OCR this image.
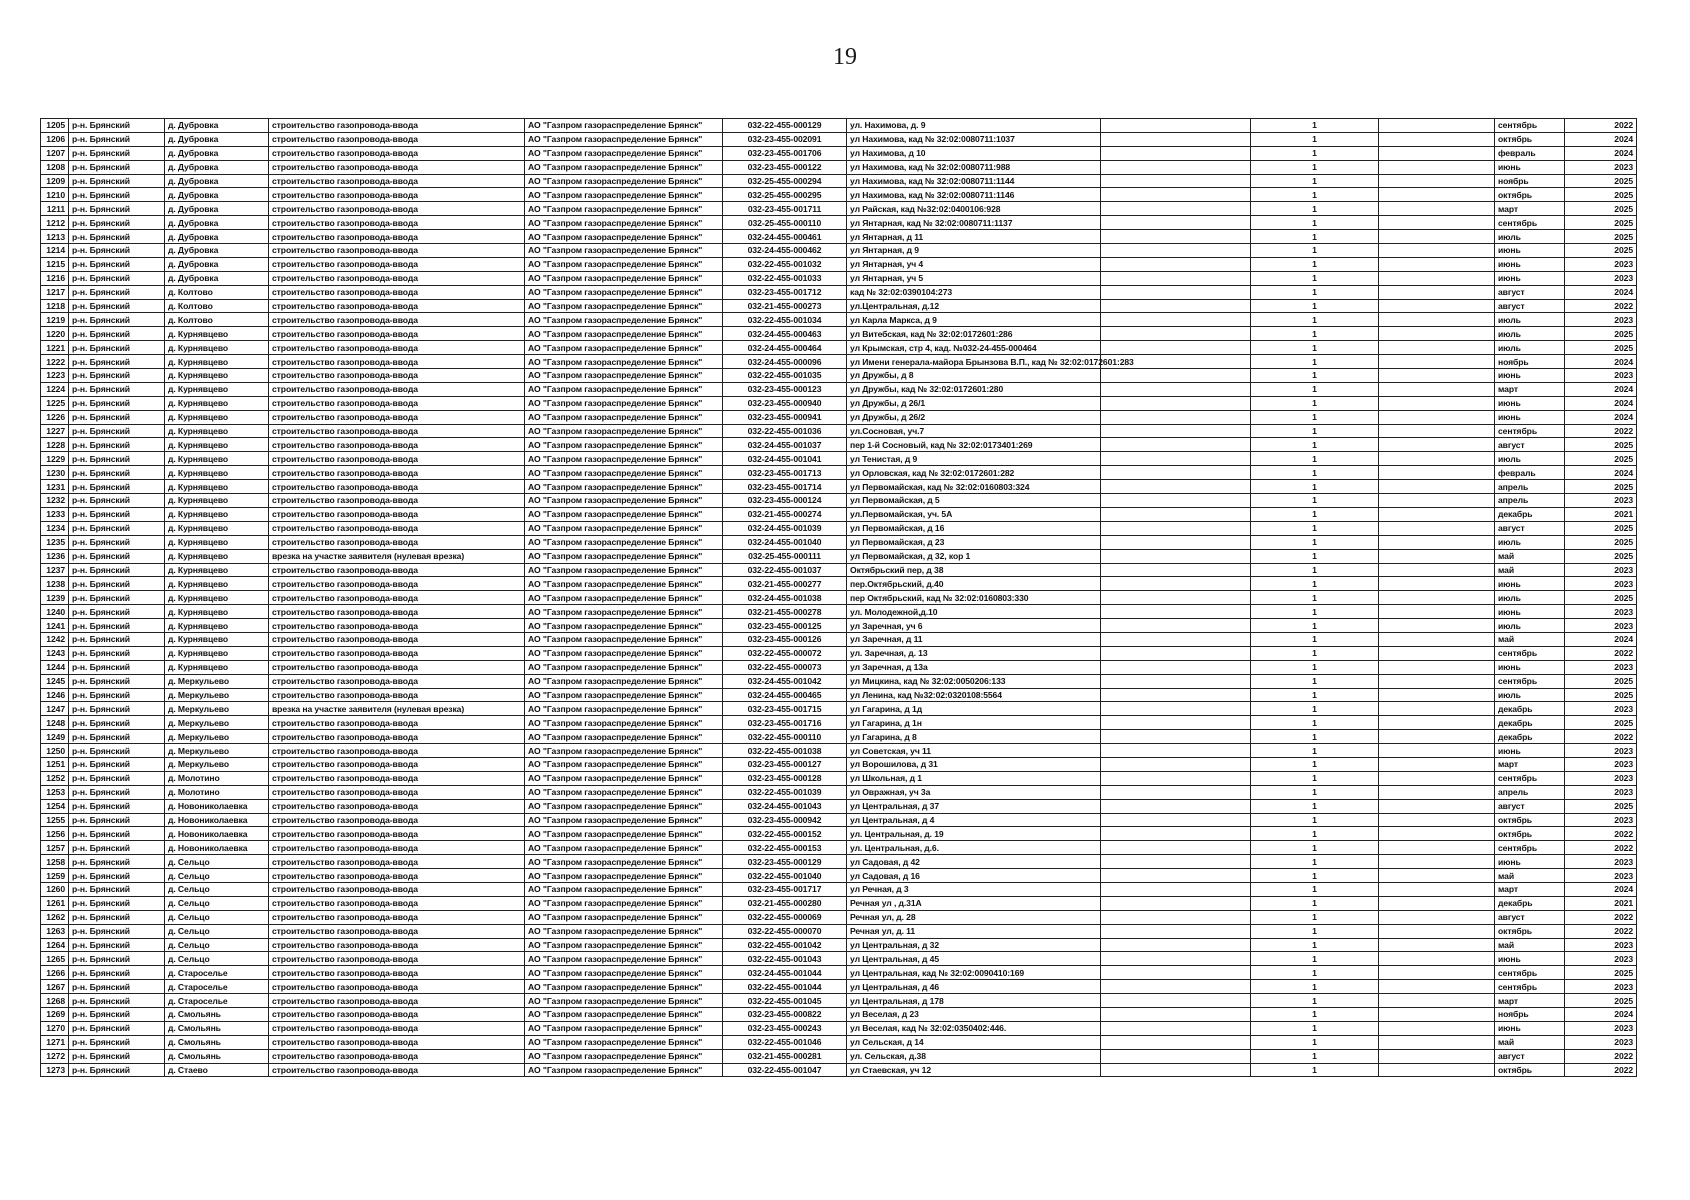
19
1205	р-н. Брянский	д. Дубровка	строительство газопровода-ввода	АО "Газпром газораспределение Брянск"	032-22-455-000129	ул. Нахимова, д. 9		1		сентябрь	2022
1206	р-н. Брянский	д. Дубровка	строительство газопровода-ввода	АО "Газпром газораспределение Брянск"	032-23-455-002091	ул Нахимова, кад № 32:02:0080711:1037		1		октябрь	2024
1207	р-н. Брянский	д. Дубровка	строительство газопровода-ввода	АО "Газпром газораспределение Брянск"	032-23-455-001706	ул Нахимова, д 10		1		февраль	2024
1208	р-н. Брянский	д. Дубровка	строительство газопровода-ввода	АО "Газпром газораспределение Брянск"	032-23-455-000122	ул Нахимова, кад № 32:02:0080711:988		1		июнь	2023
1209	р-н. Брянский	д. Дубровка	строительство газопровода-ввода	АО "Газпром газораспределение Брянск"	032-25-455-000294	ул Нахимова, кад № 32:02:0080711:1144		1		ноябрь	2025
1210	р-н. Брянский	д. Дубровка	строительство газопровода-ввода	АО "Газпром газораспределение Брянск"	032-25-455-000295	ул Нахимова, кад № 32:02:0080711:1146		1		октябрь	2025
1211	р-н. Брянский	д. Дубровка	строительство газопровода-ввода	АО "Газпром газораспределение Брянск"	032-23-455-001711	ул Райская, кад №32:02:0400106:928		1		март	2025
1212	р-н. Брянский	д. Дубровка	строительство газопровода-ввода	АО "Газпром газораспределение Брянск"	032-25-455-000110	ул Янтарная, кад № 32:02:0080711:1137		1		сентябрь	2025
1213	р-н. Брянский	д. Дубровка	строительство газопровода-ввода	АО "Газпром газораспределение Брянск"	032-24-455-000461	ул Янтарная, д 11		1		июль	2025
1214	р-н. Брянский	д. Дубровка	строительство газопровода-ввода	АО "Газпром газораспределение Брянск"	032-24-455-000462	ул Янтарная, д 9		1		июнь	2025
1215	р-н. Брянский	д. Дубровка	строительство газопровода-ввода	АО "Газпром газораспределение Брянск"	032-22-455-001032	ул Янтарная, уч 4		1		июнь	2023
1216	р-н. Брянский	д. Дубровка	строительство газопровода-ввода	АО "Газпром газораспределение Брянск"	032-22-455-001033	ул Янтарная, уч 5		1		июнь	2023
1217	р-н. Брянский	д. Колтово	строительство газопровода-ввода	АО "Газпром газораспределение Брянск"	032-23-455-001712	кад № 32:02:0390104:273		1		август	2024
1218	р-н. Брянский	д. Колтово	строительство газопровода-ввода	АО "Газпром газораспределение Брянск"	032-21-455-000273	ул.Центральная, д.12		1		август	2022
1219	р-н. Брянский	д. Колтово	строительство газопровода-ввода	АО "Газпром газораспределение Брянск"	032-22-455-001034	ул Карла Маркса, д 9		1		июль	2023
1220	р-н. Брянский	д. Курнявцево	строительство газопровода-ввода	АО "Газпром газораспределение Брянск"	032-24-455-000463	ул Витебская, кад № 32:02:0172601:286		1		июль	2025
1221	р-н. Брянский	д. Курнявцево	строительство газопровода-ввода	АО "Газпром газораспределение Брянск"	032-24-455-000464	ул Крымская, стр 4, кад. №032-24-455-000464		1		июль	2025
1222	р-н. Брянский	д. Курнявцево	строительство газопровода-ввода	АО "Газпром газораспределение Брянск"	032-24-455-000096	ул Имени генерала-майора Брынзова В.П., кад № 32:02:0172601:283		1		ноябрь	2024
1223	р-н. Брянский	д. Курнявцево	строительство газопровода-ввода	АО "Газпром газораспределение Брянск"	032-22-455-001035	ул Дружбы, д 8		1		июнь	2023
1224	р-н. Брянский	д. Курнявцево	строительство газопровода-ввода	АО "Газпром газораспределение Брянск"	032-23-455-000123	ул Дружбы, кад № 32:02:0172601:280		1		март	2024
1225	р-н. Брянский	д. Курнявцево	строительство газопровода-ввода	АО "Газпром газораспределение Брянск"	032-23-455-000940	ул Дружбы, д 26/1		1		июнь	2024
1226	р-н. Брянский	д. Курнявцево	строительство газопровода-ввода	АО "Газпром газораспределение Брянск"	032-23-455-000941	ул Дружбы, д 26/2		1		июнь	2024
1227	р-н. Брянский	д. Курнявцево	строительство газопровода-ввода	АО "Газпром газораспределение Брянск"	032-22-455-001036	ул.Сосновая, уч.7		1		сентябрь	2022
1228	р-н. Брянский	д. Курнявцево	строительство газопровода-ввода	АО "Газпром газораспределение Брянск"	032-24-455-001037	пер 1-й Сосновый, кад № 32:02:0173401:269		1		август	2025
1229	р-н. Брянский	д. Курнявцево	строительство газопровода-ввода	АО "Газпром газораспределение Брянск"	032-24-455-001041	ул Тенистая, д 9		1		июль	2025
1230	р-н. Брянский	д. Курнявцево	строительство газопровода-ввода	АО "Газпром газораспределение Брянск"	032-23-455-001713	ул Орловская, кад № 32:02:0172601:282		1		февраль	2024
1231	р-н. Брянский	д. Курнявцево	строительство газопровода-ввода	АО "Газпром газораспределение Брянск"	032-23-455-001714	ул Первомайская, кад № 32:02:0160803:324		1		апрель	2025
1232	р-н. Брянский	д. Курнявцево	строительство газопровода-ввода	АО "Газпром газораспределение Брянск"	032-23-455-000124	ул Первомайская, д 5		1		апрель	2023
1233	р-н. Брянский	д. Курнявцево	строительство газопровода-ввода	АО "Газпром газораспределение Брянск"	032-21-455-000274	ул.Первомайская, уч. 5А		1		декабрь	2021
1234	р-н. Брянский	д. Курнявцево	строительство газопровода-ввода	АО "Газпром газораспределение Брянск"	032-24-455-001039	ул Первомайская, д 16		1		август	2025
1235	р-н. Брянский	д. Курнявцево	строительство газопровода-ввода	АО "Газпром газораспределение Брянск"	032-24-455-001040	ул Первомайская, д 23		1		июль	2025
1236	р-н. Брянский	д. Курнявцево	врезка на участке заявителя (нулевая врезка)	АО "Газпром газораспределение Брянск"	032-25-455-000111	ул Первомайская, д 32, кор 1		1		май	2025
1237	р-н. Брянский	д. Курнявцево	строительство газопровода-ввода	АО "Газпром газораспределение Брянск"	032-22-455-001037	Октябрьский пер, д 38		1		май	2023
1238	р-н. Брянский	д. Курнявцево	строительство газопровода-ввода	АО "Газпром газораспределение Брянск"	032-21-455-000277	пер.Октябрьский, д.40		1		июнь	2023
1239	р-н. Брянский	д. Курнявцево	строительство газопровода-ввода	АО "Газпром газораспределение Брянск"	032-24-455-001038	пер Октябрьский, кад № 32:02:0160803:330		1		июль	2025
1240	р-н. Брянский	д. Курнявцево	строительство газопровода-ввода	АО "Газпром газораспределение Брянск"	032-21-455-000278	ул. Молодежной,д.10		1		июнь	2023
1241	р-н. Брянский	д. Курнявцево	строительство газопровода-ввода	АО "Газпром газораспределение Брянск"	032-23-455-000125	ул Заречная, уч 6		1		июль	2023
1242	р-н. Брянский	д. Курнявцево	строительство газопровода-ввода	АО "Газпром газораспределение Брянск"	032-23-455-000126	ул Заречная, д 11		1		май	2024
1243	р-н. Брянский	д. Курнявцево	строительство газопровода-ввода	АО "Газпром газораспределение Брянск"	032-22-455-000072	ул. Заречная, д. 13		1		сентябрь	2022
1244	р-н. Брянский	д. Курнявцево	строительство газопровода-ввода	АО "Газпром газораспределение Брянск"	032-22-455-000073	ул Заречная, д 13а		1		июнь	2023
1245	р-н. Брянский	д. Меркульево	строительство газопровода-ввода	АО "Газпром газораспределение Брянск"	032-24-455-001042	ул Мицкина, кад № 32:02:0050206:133		1		сентябрь	2025
1246	р-н. Брянский	д. Меркульево	строительство газопровода-ввода	АО "Газпром газораспределение Брянск"	032-24-455-000465	ул Ленина, кад №32:02:0320108:5564		1		июль	2025
1247	р-н. Брянский	д. Меркульево	врезка на участке заявителя (нулевая врезка)	АО "Газпром газораспределение Брянск"	032-23-455-001715	ул Гагарина, д 1д		1		декабрь	2023
1248	р-н. Брянский	д. Меркульево	строительство газопровода-ввода	АО "Газпром газораспределение Брянск"	032-23-455-001716	ул Гагарина, д 1н		1		декабрь	2025
1249	р-н. Брянский	д. Меркульево	строительство газопровода-ввода	АО "Газпром газораспределение Брянск"	032-22-455-000110	ул Гагарина, д 8		1		декабрь	2022
1250	р-н. Брянский	д. Меркульево	строительство газопровода-ввода	АО "Газпром газораспределение Брянск"	032-22-455-001038	ул Советская, уч 11		1		июнь	2023
1251	р-н. Брянский	д. Меркульево	строительство газопровода-ввода	АО "Газпром газораспределение Брянск"	032-23-455-000127	ул Ворошилова, д 31		1		март	2023
1252	р-н. Брянский	д. Молотино	строительство газопровода-ввода	АО "Газпром газораспределение Брянск"	032-23-455-000128	ул Школьная, д 1		1		сентябрь	2023
1253	р-н. Брянский	д. Молотино	строительство газопровода-ввода	АО "Газпром газораспределение Брянск"	032-22-455-001039	ул Овражная, уч 3а		1		апрель	2023
1254	р-н. Брянский	д. Новониколаевка	строительство газопровода-ввода	АО "Газпром газораспределение Брянск"	032-24-455-001043	ул Центральная, д 37		1		август	2025
1255	р-н. Брянский	д. Новониколаевка	строительство газопровода-ввода	АО "Газпром газораспределение Брянск"	032-23-455-000942	ул Центральная, д 4		1		октябрь	2023
1256	р-н. Брянский	д. Новониколаевка	строительство газопровода-ввода	АО "Газпром газораспределение Брянск"	032-22-455-000152	ул. Центральная, д. 19		1		октябрь	2022
1257	р-н. Брянский	д. Новониколаевка	строительство газопровода-ввода	АО "Газпром газораспределение Брянск"	032-22-455-000153	ул. Центральная, д.6.		1		сентябрь	2022
1258	р-н. Брянский	д. Сельцо	строительство газопровода-ввода	АО "Газпром газораспределение Брянск"	032-23-455-000129	ул Садовая, д 42		1		июнь	2023
1259	р-н. Брянский	д. Сельцо	строительство газопровода-ввода	АО "Газпром газораспределение Брянск"	032-22-455-001040	ул Садовая, д 16		1		май	2023
1260	р-н. Брянский	д. Сельцо	строительство газопровода-ввода	АО "Газпром газораспределение Брянск"	032-23-455-001717	ул Речная, д 3		1		март	2024
1261	р-н. Брянский	д. Сельцо	строительство газопровода-ввода	АО "Газпром газораспределение Брянск"	032-21-455-000280	Речная ул , д.31А		1		декабрь	2021
1262	р-н. Брянский	д. Сельцо	строительство газопровода-ввода	АО "Газпром газораспределение Брянск"	032-22-455-000069	Речная ул, д. 28		1		август	2022
1263	р-н. Брянский	д. Сельцо	строительство газопровода-ввода	АО "Газпром газораспределение Брянск"	032-22-455-000070	Речная ул, д. 11		1		октябрь	2022
1264	р-н. Брянский	д. Сельцо	строительство газопровода-ввода	АО "Газпром газораспределение Брянск"	032-22-455-001042	ул Центральная, д 32		1		май	2023
1265	р-н. Брянский	д. Сельцо	строительство газопровода-ввода	АО "Газпром газораспределение Брянск"	032-22-455-001043	ул Центральная, д 45		1		июнь	2023
1266	р-н. Брянский	д. Староселье	строительство газопровода-ввода	АО "Газпром газораспределение Брянск"	032-24-455-001044	ул Центральная, кад № 32:02:0090410:169		1		сентябрь	2025
1267	р-н. Брянский	д. Староселье	строительство газопровода-ввода	АО "Газпром газораспределение Брянск"	032-22-455-001044	ул Центральная, д 46		1		сентябрь	2023
1268	р-н. Брянский	д. Староселье	строительство газопровода-ввода	АО "Газпром газораспределение Брянск"	032-22-455-001045	ул Центральная, д 178		1		март	2025
1269	р-н. Брянский	д. Смольянь	строительство газопровода-ввода	АО "Газпром газораспределение Брянск"	032-23-455-000822	ул Веселая, д 23		1		ноябрь	2024
1270	р-н. Брянский	д. Смольянь	строительство газопровода-ввода	АО "Газпром газораспределение Брянск"	032-23-455-000243	ул Веселая, кад № 32:02:0350402:446.		1		июнь	2023
1271	р-н. Брянский	д. Смольянь	строительство газопровода-ввода	АО "Газпром газораспределение Брянск"	032-22-455-001046	ул Сельская, д 14		1		май	2023
1272	р-н. Брянский	д. Смольянь	строительство газопровода-ввода	АО "Газпром газораспределение Брянск"	032-21-455-000281	ул. Сельская, д.38		1		август	2022
1273	р-н. Брянский	д. Стаево	строительство газопровода-ввода	АО "Газпром газораспределение Брянск"	032-22-455-001047	ул Стаевская, уч 12		1		октябрь	2022
